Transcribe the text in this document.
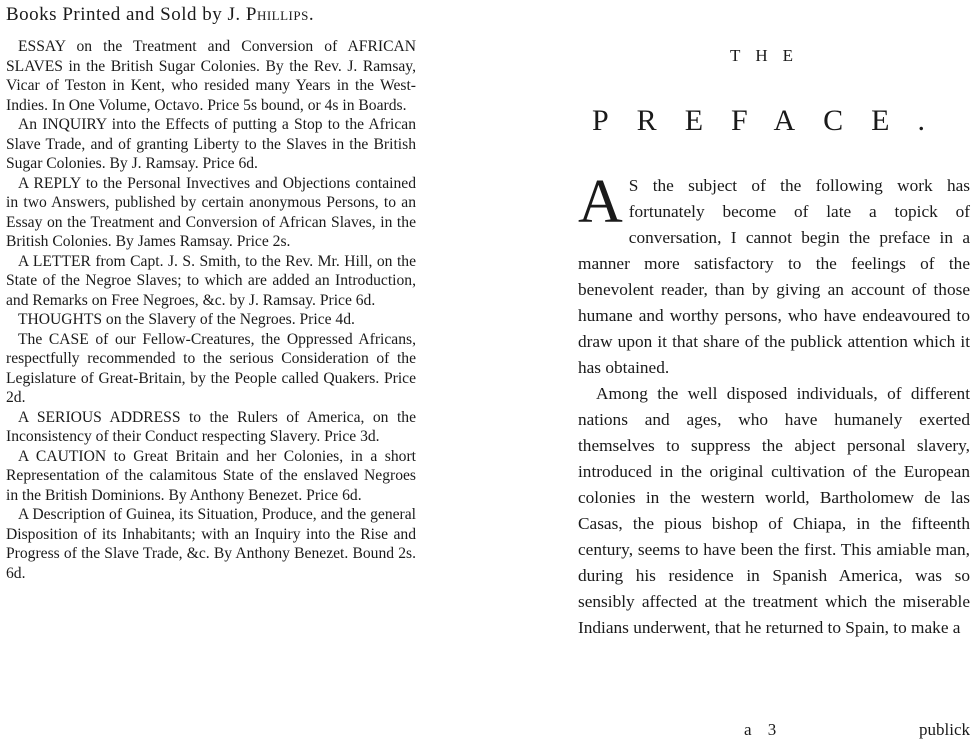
Books Printed and Sold by J. Phillips.

ESSAY on the Treatment and Conversion of AFRICAN SLAVES in the British Sugar Colonies. By the Rev. J. Ramsay, Vicar of Teston in Kent, who resided many Years in the West-Indies. In One Volume, Octavo. Price 5s bound, or 4s in Boards.

An INQUIRY into the Effects of putting a Stop to the African Slave Trade, and of granting Liberty to the Slaves in the British Sugar Colonies. By J. Ramsay. Price 6d.

A REPLY to the Personal Invectives and Objections contained in two Answers, published by certain anonymous Persons, to an Essay on the Treatment and Conversion of African Slaves, in the British Colonies. By James Ramsay. Price 2s.

A LETTER from Capt. J. S. Smith, to the Rev. Mr. Hill, on the State of the Negroe Slaves; to which are added an Introduction, and Remarks on Free Negroes, &c. by J. Ramsay. Price 6d.

THOUGHTS on the Slavery of the Negroes. Price 4d.

The CASE of our Fellow-Creatures, the Oppressed Africans, respectfully recommended to the serious Consideration of the Legislature of Great-Britain, by the People called Quakers. Price 2d.

A SERIOUS ADDRESS to the Rulers of America, on the Inconsistency of their Conduct respecting Slavery. Price 3d.

A CAUTION to Great Britain and her Colonies, in a short Representation of the calamitous State of the enslaved Negroes in the British Dominions. By Anthony Benezet. Price 6d.

A Description of Guinea, its Situation, Produce, and the general Disposition of its Inhabitants; with an Inquiry into the Rise and Progress of the Slave Trade, &c. By Anthony Benezet. Bound 2s. 6d.

THE
PREFACE.

A S the subject of the following work has fortunately become of late a topick of conversation, I cannot begin the preface in a manner more satisfactory to the feelings of the benevolent reader, than by giving an account of those humane and worthy persons, who have endeavoured to draw upon it that share of the publick attention which it has obtained.

Among the well disposed individuals, of different nations and ages, who have humanely exerted themselves to suppress the abject personal slavery, introduced in the original cultivation of the European colonies in the western world, Bartholomew de las Casas, the pious bishop of Chiapa, in the fifteenth century, seems to have been the first. This amiable man, during his residence in Spanish America, was so sensibly affected at the treatment which the miserable Indians underwent, that he returned to Spain, to make a

a 3	publick
